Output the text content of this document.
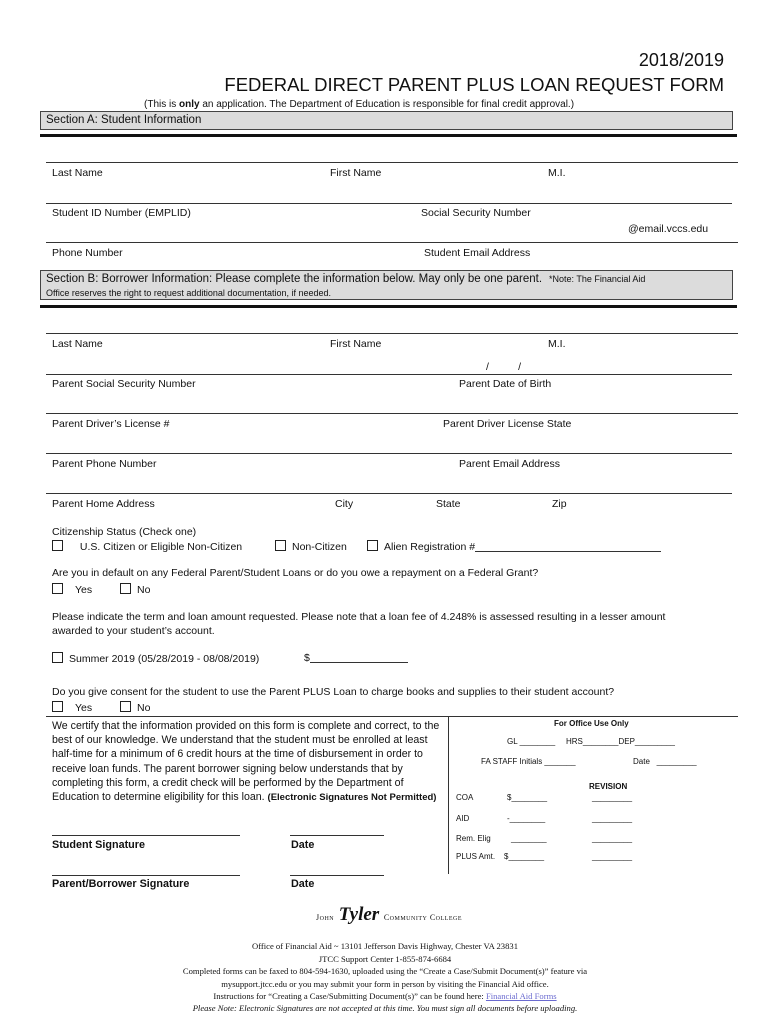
2018/2019
FEDERAL DIRECT PARENT PLUS LOAN REQUEST FORM
(This is only an application. The Department of Education is responsible for final credit approval.)
Section A: Student Information
Last Name	First Name	M.I.
Student ID Number (EMPLID)	Social Security Number
@email.vccs.edu
Phone Number	Student Email Address
Section B: Borrower Information: Please complete the information below. May only be one parent. *Note: The Financial Aid
Office reserves the right to request additional documentation, if needed.
Last Name	First Name	M.I.
/          /
Parent Social Security Number	Parent Date of Birth
Parent Driver’s License #	Parent Driver License State
Parent Phone Number	Parent Email Address
Parent Home Address	City	State	Zip
Citizenship Status (Check one)
U.S. Citizen or Eligible Non-Citizen	Non-Citizen	Alien Registration #
Are you in default on any Federal Parent/Student Loans or do you owe a repayment on a Federal Grant?
Yes	No
Please indicate the term and loan amount requested. Please note that a loan fee of 4.248% is assessed resulting in a lesser amount
awarded to your student’s account.
Summer 2019 (05/28/2019 - 08/08/2019)	$
Do you give consent for the student to use the Parent PLUS Loan to charge books and supplies to their student account?
Yes	No
We certify that the information provided on this form is complete and correct, to the best of our knowledge. We understand that the student must be enrolled at least half-time for a minimum of 6 credit hours at the time of disbursement in order to receive loan funds. The parent borrower signing below understands that by completing this form, a credit check will be performed by the Department of Education to determine eligibility for this loan. (Electronic Signatures Not Permitted)
Student Signature	Date
Parent/Borrower Signature	Date
For Office Use Only
GL ________ HRS________DEP_________
FA STAFF Initials _______	Date   _________
REVISION
COA	$________	_________
AID	-________	_________
Rem. Elig	________	_________
PLUS Amt. $________	_________
John Tyler Community College
Office of Financial Aid ~ 13101 Jefferson Davis Highway, Chester VA 23831
JTCC Support Center 1-855-874-6684
Completed forms can be faxed to 804-594-1630, uploaded using the “Create a Case/Submit Document(s)” feature via
mysupport.jtcc.edu or you may submit your form in person by visiting the Financial Aid office.
Instructions for “Creating a Case/Submitting Document(s)” can be found here: Financial Aid Forms
Please Note: Electronic Signatures are not accepted at this time. You must sign all documents before uploading.
